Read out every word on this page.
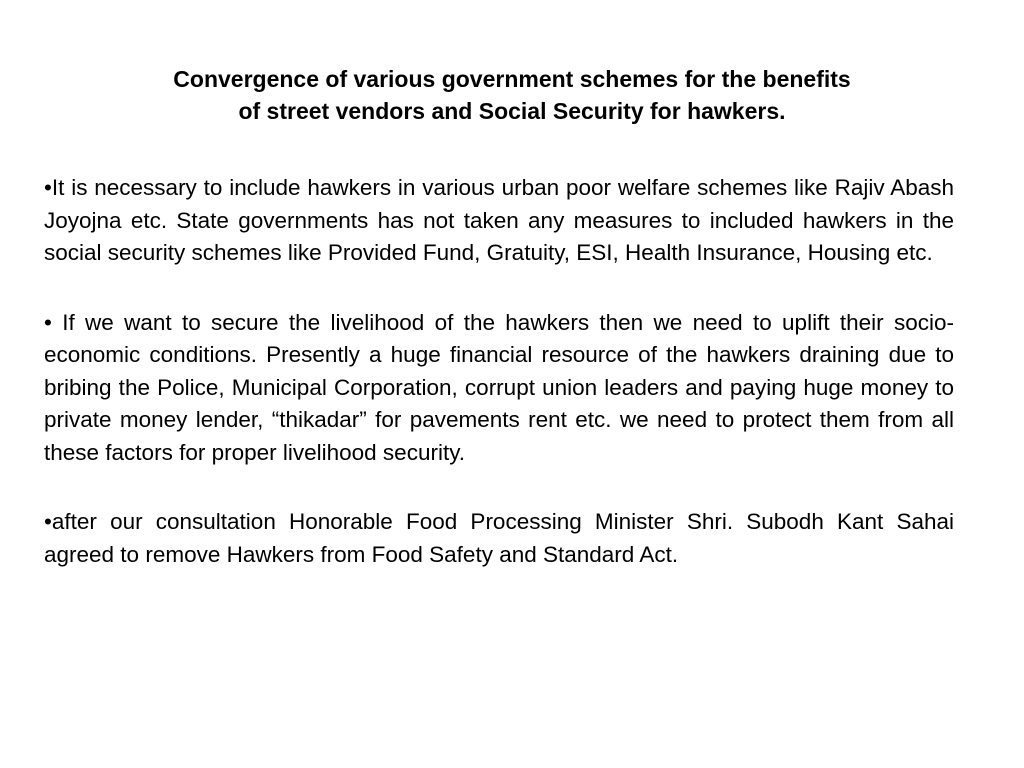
Convergence of various government schemes for the benefits
of street vendors and Social Security for hawkers.

•It is necessary to include hawkers in various urban poor welfare schemes like Rajiv Abash Joyojna etc. State governments has not taken any measures to included hawkers in the social security schemes like Provided Fund, Gratuity, ESI, Health Insurance, Housing etc.

• If we want to secure the livelihood of the hawkers then we need to uplift their socio-economic conditions. Presently a huge financial resource of the hawkers draining due to bribing the Police, Municipal Corporation, corrupt union leaders and paying huge money to private money lender, “thikadar” for pavements rent etc. we need to protect them from all these factors for proper livelihood security.

•after our consultation Honorable Food Processing Minister Shri. Subodh Kant Sahai agreed to remove Hawkers from Food Safety and Standard Act.
